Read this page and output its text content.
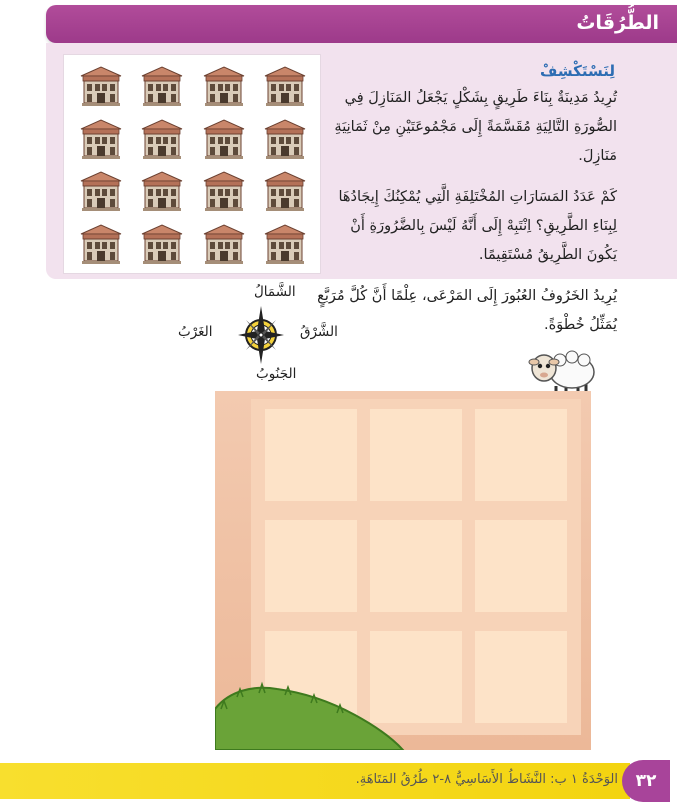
الطُّرُقَاتُ
لِنَسْتَكْشِفْ
تُرِيدُ مَدِينَةٌ بِنَاءَ طَرِيقٍ بِشَكْلٍ يَجْعَلُ المَنَازِلَ فِي الصُّورَةِ التَّالِيَةِ مُقَسَّمَةً إِلَى مَجْمُوعَتَيْنِ مِنْ ثَمَانِيَةِ مَنَازِلَ.
كَمْ عَدَدُ المَسَارَاتِ المُخْتَلِفَةِ الَّتِي يُمْكِنُكَ إِيجَادُهَا لِبِنَاءِ الطَّرِيقِ؟ اِنْتَبِهْ إِلَى أَنَّهُ لَيْسَ بِالضَّرُورَةِ أَنْ يَكُونَ الطَّرِيقُ مُسْتَقِيمًا.
يُرِيدُ الخَرُوفُ العُبُورَ إِلَى المَرْعَى، عِلْمًا أَنَّ كُلَّ مُرَبَّعٍ يُمَثِّلُ خُطْوَةً.
الشَّمَالُ
الشَّرْقُ
الغَرْبُ
الجَنُوبُ
الوَحْدَةُ ١ ب: النَّشَاطُ الأَسَاسِيُّ ٨-٢ طُرُقُ المَتَاهَةِ.	٣٢
